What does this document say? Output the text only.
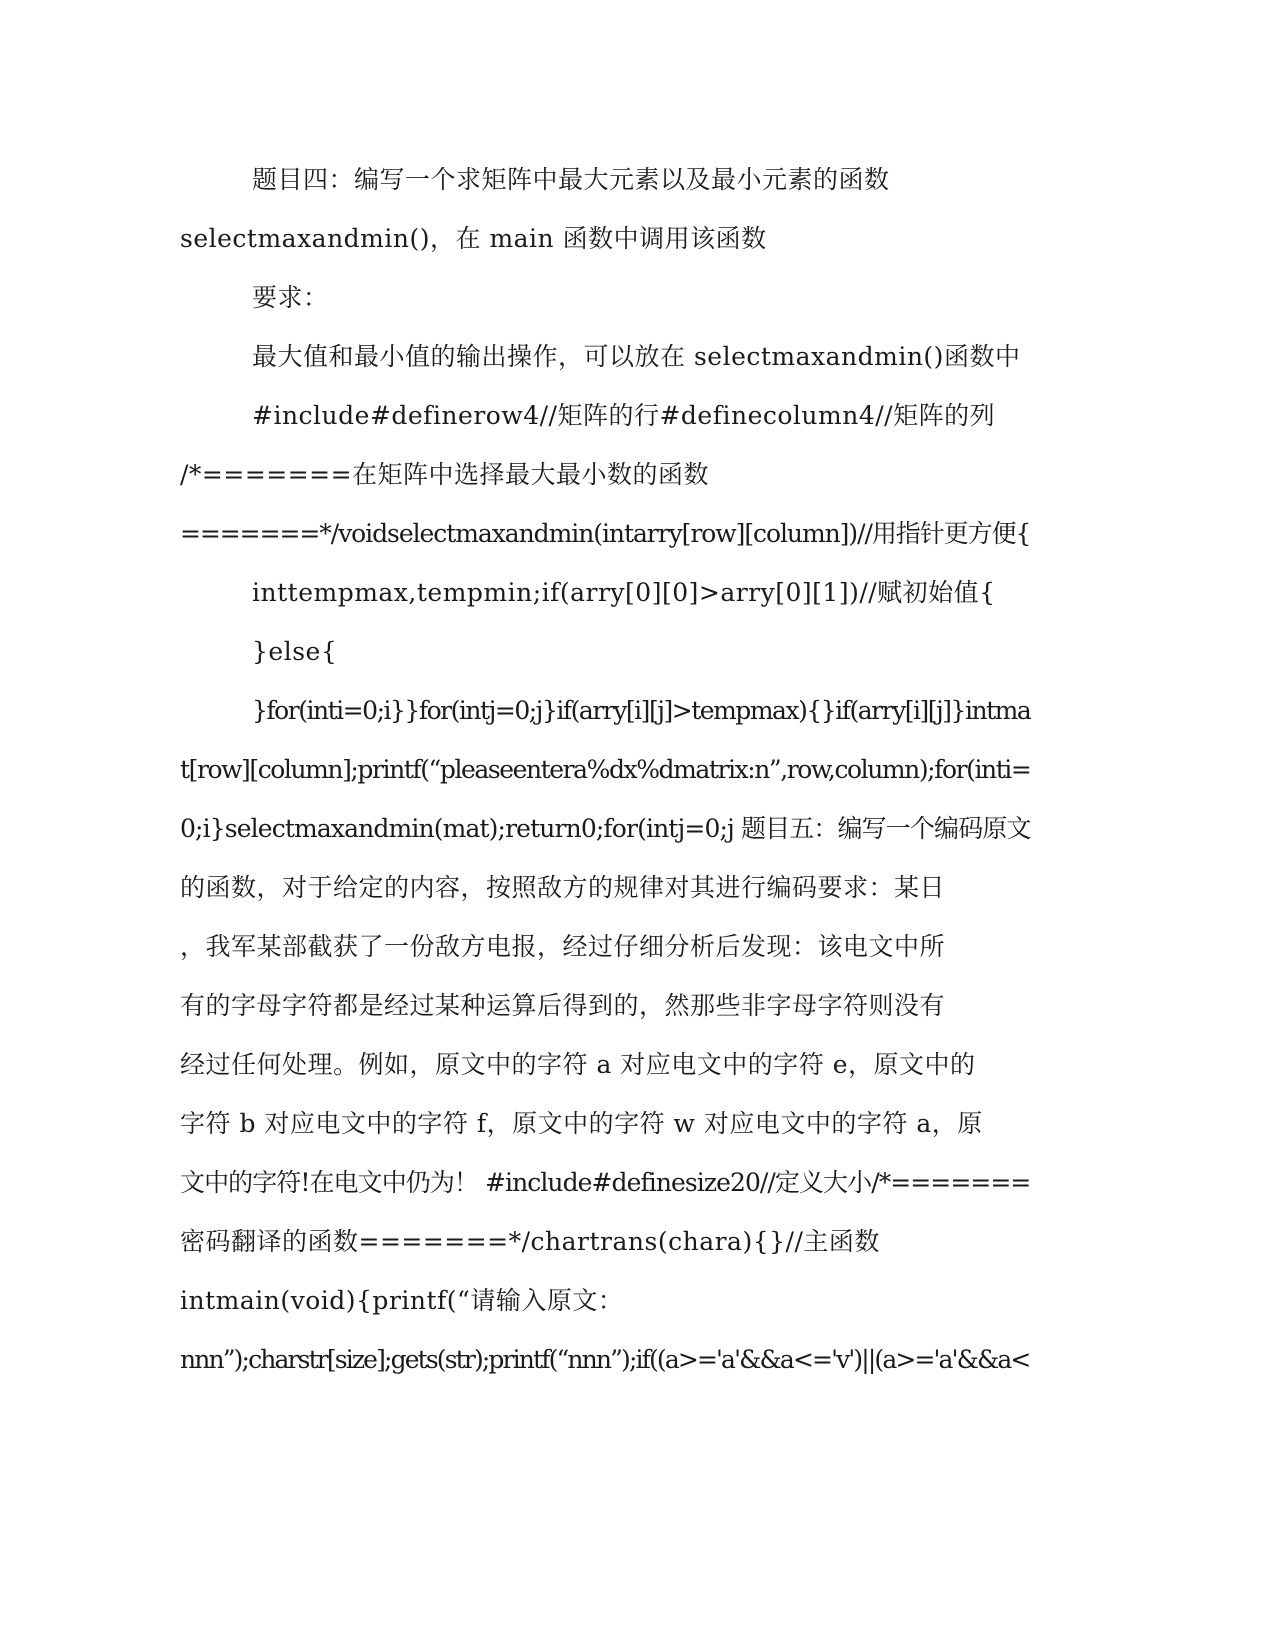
题目四：编写一个求矩阵中最大元素以及最小元素的函数
selectmaxandmin()，在 main 函数中调用该函数
要求：
最大值和最小值的输出操作，可以放在 selectmaxandmin()函数中
#include#definerow4//矩阵的行#definecolumn4//矩阵的列
/*=======在矩阵中选择最大最小数的函数
=======*/voidselectmaxandmin(intarry[row][column])//用指针更方便{
inttempmax,tempmin;if(arry[0][0]>arry[0][1])//赋初始值{
}else{
}for(inti=0;i}}for(intj=0;j}if(arry[i][j]>tempmax){}if(arry[i][j]}intma
t[row][column];printf(“pleaseentera%dx%dmatrix:n”,row,column);for(inti=
0;i}selectmaxandmin(mat);return0;for(intj=0;j 题目五：编写一个编码原文
的函数，对于给定的内容，按照敌方的规律对其进行编码要求：某日
，我军某部截获了一份敌方电报，经过仔细分析后发现：该电文中所
有的字母字符都是经过某种运算后得到的，然那些非字母字符则没有
经过任何处理。例如，原文中的字符 a 对应电文中的字符 e，原文中的
字符 b 对应电文中的字符 f，原文中的字符 w 对应电文中的字符 a，原
文中的字符!在电文中仍为！ #include#definesize20//定义大小/*=======
密码翻译的函数=======*/chartrans(chara){}//主函数
intmain(void){printf(“请输入原文：
nnn”);charstr[size];gets(str);printf(“nnn”);if((a>='a'&&a<='v')||(a>='a'&&a<
